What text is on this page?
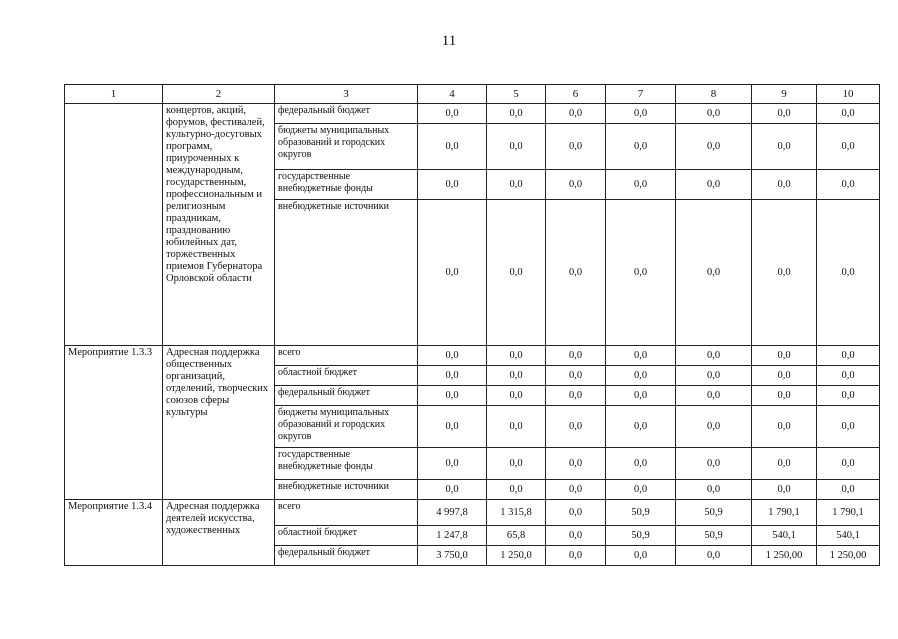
11
1	2	3	4	5	6	7	8	9	10
	концертов, акций, форумов, фестивалей, культурно-досуговых программ, приуроченных к международным, государственным, профессиональным и религиозным праздникам, празднованию юбилейных дат, торжественных приемов Губернатора Орловской области	федеральный бюджет	0,0	0,0	0,0	0,0	0,0	0,0	0,0
		бюджеты муниципальных образований и городских округов	0,0	0,0	0,0	0,0	0,0	0,0	0,0
		государственные внебюджетные фонды	0,0	0,0	0,0	0,0	0,0	0,0	0,0
		внебюджетные источники	0,0	0,0	0,0	0,0	0,0	0,0	0,0
Мероприятие 1.3.3	Адресная поддержка общественных организаций, отделений, творческих союзов сферы культуры	всего	0,0	0,0	0,0	0,0	0,0	0,0	0,0
		областной бюджет	0,0	0,0	0,0	0,0	0,0	0,0	0,0
		федеральный бюджет	0,0	0,0	0,0	0,0	0,0	0,0	0,0
		бюджеты муниципальных образований и городских округов	0,0	0,0	0,0	0,0	0,0	0,0	0,0
		государственные внебюджетные фонды	0,0	0,0	0,0	0,0	0,0	0,0	0,0
		внебюджетные источники	0,0	0,0	0,0	0,0	0,0	0,0	0,0
Мероприятие 1.3.4	Адресная поддержка деятелей искусства, художественных	всего	4 997,8	1 315,8	0,0	50,9	50,9	1 790,1	1 790,1
		областной бюджет	1 247,8	65,8	0,0	50,9	50,9	540,1	540,1
		федеральный бюджет	3 750,0	1 250,0	0,0	0,0	0,0	1 250,00	1 250,00
